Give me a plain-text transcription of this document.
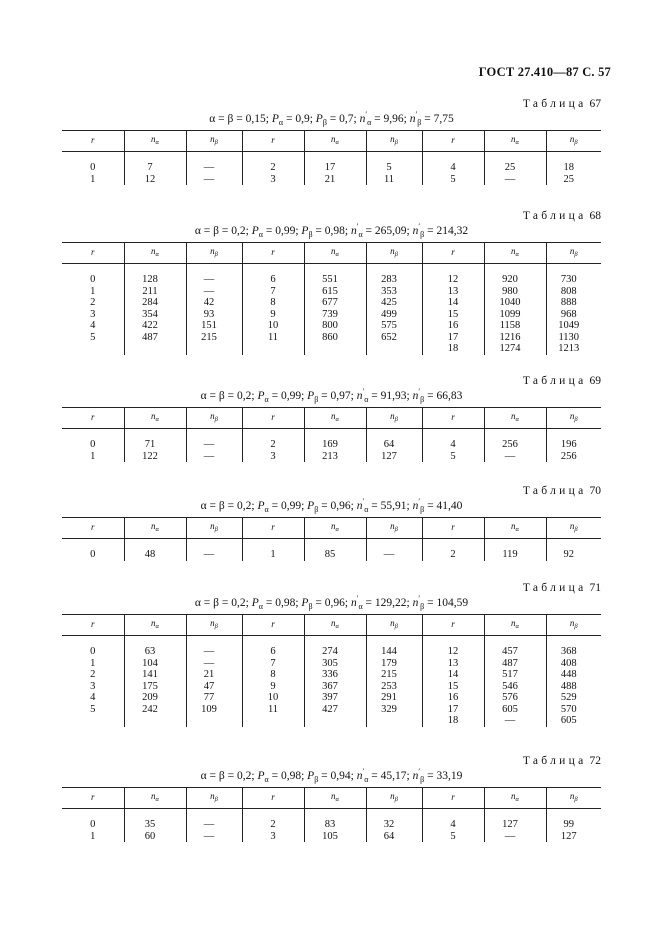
ГОСТ 27.410—87 С. 57
Таблица 67
α = β = 0,15; $P_\alpha = 0,9$; $P_\beta = 0,7$; $n'_\alpha = 9,96$; $n'_\beta = 7,75$
r	$n_\alpha$	$n_\beta$	r	$n_\alpha$	$n_\beta$	r	$n_\alpha$	$n_\beta$
0	7	—	2	17	5	4	25	18
1	12	—	3	21	11	5	—	25
Таблица 68
α = β = 0,2; $P_\alpha = 0,99$; $P_\beta = 0,98$; $n'_\alpha = 265,09$; $n'_\beta = 214,32$
r	$n_\alpha$	$n_\beta$	r	$n_\alpha$	$n_\beta$	r	$n_\alpha$	$n_\beta$
0	128	—	6	551	283	12	920	730
1	211	—	7	615	353	13	980	808
2	284	42	8	677	425	14	1040	888
3	354	93	9	739	499	15	1099	968
4	422	151	10	800	575	16	1158	1049
5	487	215	11	860	652	17	1216	1130
						18	1274	1213
Таблица 69
α = β = 0,2; $P_\alpha = 0,99$; $P_\beta = 0,97$; $n'_\alpha = 91,93$; $n'_\beta = 66,83$
r	$n_\alpha$	$n_\beta$	r	$n_\alpha$	$n_\beta$	r	$n_\alpha$	$n_\beta$
0	71	—	2	169	64	4	256	196
1	122	—	3	213	127	5	—	256
Таблица 70
α = β = 0,2; $P_\alpha = 0,99$; $P_\beta = 0,96$; $n'_\alpha = 55,91$; $n'_\beta = 41,40$
r	$n_\alpha$	$n_\beta$	r	$n_\alpha$	$n_\beta$	r	$n_\alpha$	$n_\beta$
0	48	—	1	85	—	2	119	92
Таблица 71
α = β = 0,2; $P_\alpha = 0,98$; $P_\beta = 0,96$; $n'_\alpha = 129,22$; $n'_\beta = 104,59$
r	$n_\alpha$	$n_\beta$	r	$n_\alpha$	$n_\beta$	r	$n_\alpha$	$n_\beta$
0	63	—	6	274	144	12	457	368
1	104	—	7	305	179	13	487	408
2	141	21	8	336	215	14	517	448
3	175	47	9	367	253	15	546	488
4	209	77	10	397	291	16	576	529
5	242	109	11	427	329	17	605	570
						18	—	605
Таблица 72
α = β = 0,2; $P_\alpha = 0,98$; $P_\beta = 0,94$; $n'_\alpha = 45,17$; $n'_\beta = 33,19$
r	$n_\alpha$	$n_\beta$	r	$n_\alpha$	$n_\beta$	r	$n_\alpha$	$n_\beta$
0	35	—	2	83	32	4	127	99
1	60	—	3	105	64	5	—	127
